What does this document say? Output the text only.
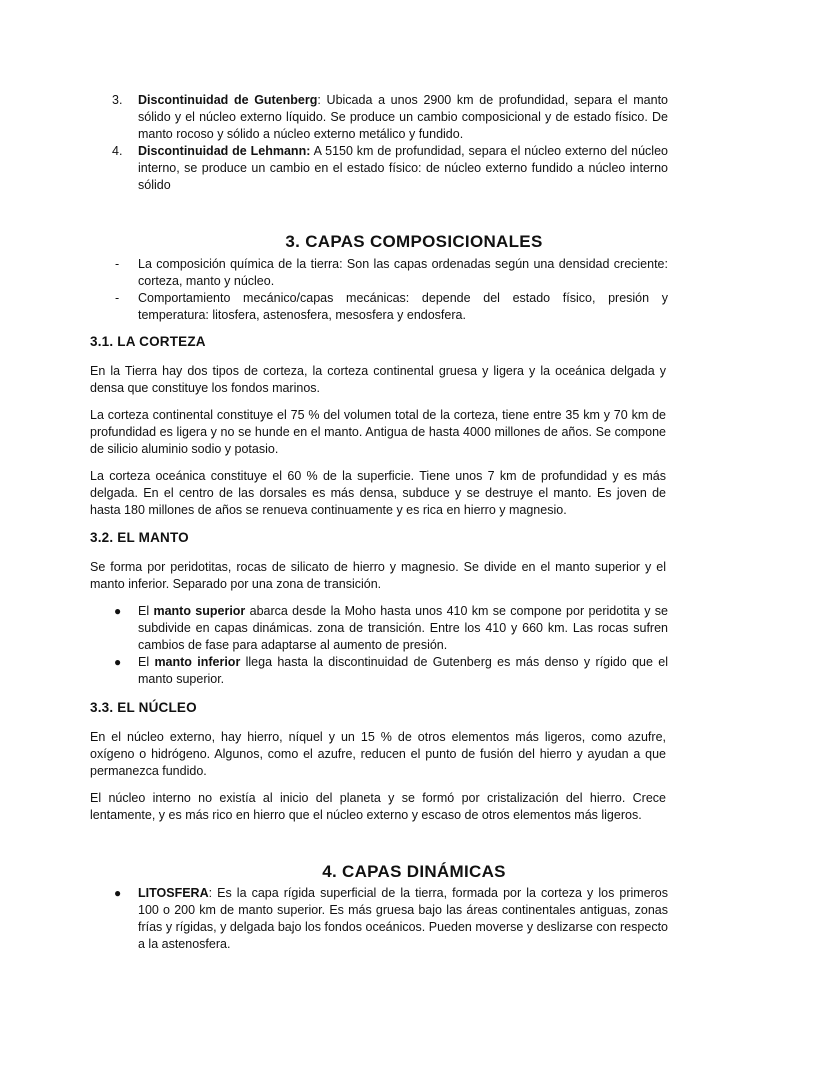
3. Discontinuidad de Gutenberg: Ubicada a unos 2900 km de profundidad, separa el manto sólido y el núcleo externo líquido. Se produce un cambio composicional y de estado físico. De manto rocoso y sólido a núcleo externo metálico y fundido.
4. Discontinuidad de Lehmann: A 5150 km de profundidad, separa el núcleo externo del núcleo interno, se produce un cambio en el estado físico: de núcleo externo fundido a núcleo interno sólido
3. CAPAS COMPOSICIONALES
- La composición química de la tierra: Son las capas ordenadas según una densidad creciente: corteza, manto y núcleo.
- Comportamiento mecánico/capas mecánicas: depende del estado físico, presión y temperatura: litosfera, astenosfera, mesosfera y endosfera.
3.1. LA CORTEZA
En la Tierra hay dos tipos de corteza, la corteza continental gruesa y ligera y la oceánica delgada y densa que constituye los fondos marinos.
La corteza continental constituye el 75 % del volumen total de la corteza, tiene entre 35 km y 70 km de profundidad es ligera y no se hunde en el manto. Antigua de hasta 4000 millones de años. Se compone de silicio aluminio sodio y potasio.
La corteza oceánica constituye el 60 % de la superficie. Tiene unos 7 km de profundidad y es más delgada. En el centro de las dorsales es más densa, subduce y se destruye el manto. Es joven de hasta 180 millones de años se renueva continuamente y es rica en hierro y magnesio.
3.2. EL MANTO
Se forma por peridotitas, rocas de silicato de hierro y magnesio. Se divide en el manto superior y el manto inferior. Separado por una zona de transición.
● El manto superior abarca desde la Moho hasta unos 410 km se compone por peridotita y se subdivide en capas dinámicas. zona de transición. Entre los 410 y 660 km. Las rocas sufren cambios de fase para adaptarse al aumento de presión.
● El manto inferior llega hasta la discontinuidad de Gutenberg es más denso y rígido que el manto superior.
3.3. EL NÚCLEO
En el núcleo externo, hay hierro, níquel y un 15 % de otros elementos más ligeros, como azufre, oxígeno o hidrógeno. Algunos, como el azufre, reducen el punto de fusión del hierro y ayudan a que permanezca fundido.
El núcleo interno no existía al inicio del planeta y se formó por cristalización del hierro. Crece lentamente, y es más rico en hierro que el núcleo externo y escaso de otros elementos más ligeros.
4. CAPAS DINÁMICAS
● LITOSFERA: Es la capa rígida superficial de la tierra, formada por la corteza y los primeros 100 o 200 km de manto superior. Es más gruesa bajo las áreas continentales antiguas, zonas frías y rígidas, y delgada bajo los fondos oceánicos. Pueden moverse y deslizarse con respecto a la astenosfera.
